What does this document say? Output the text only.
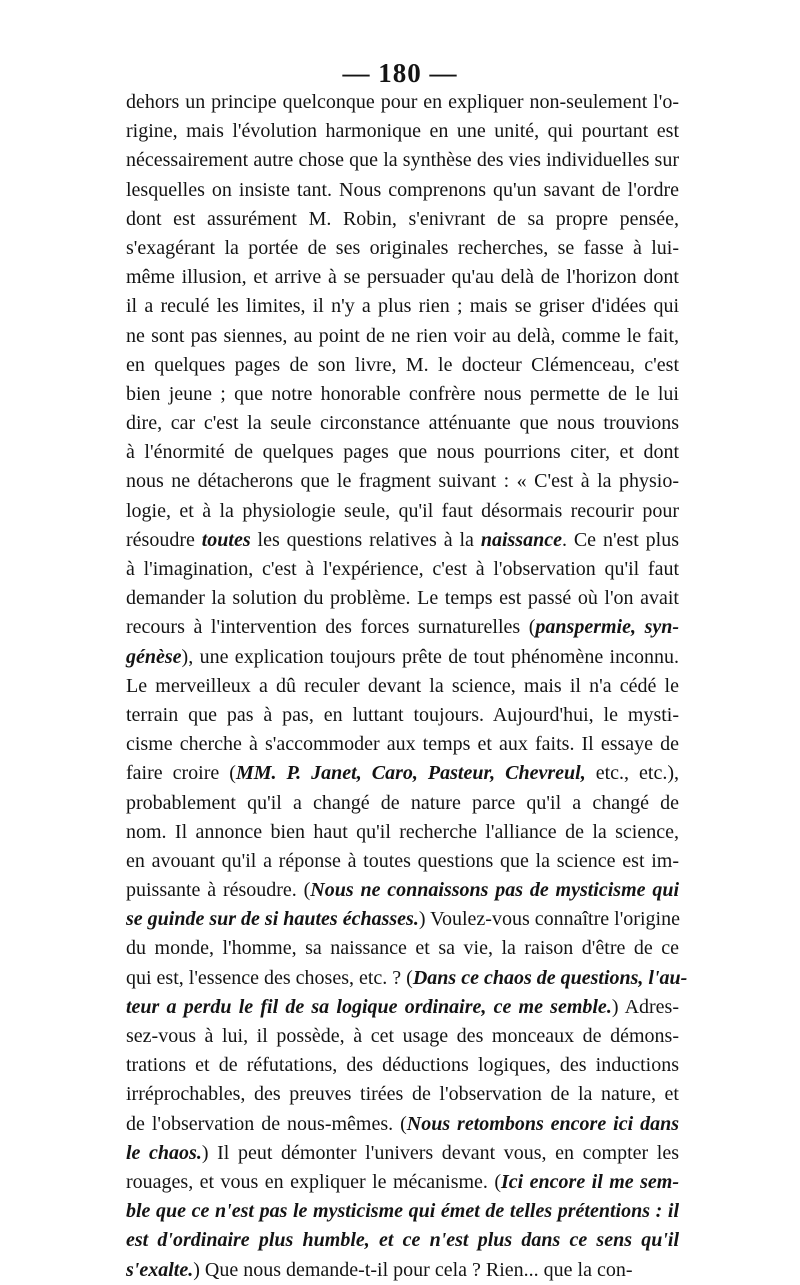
— 180 —
dehors un principe quelconque pour en expliquer non-seulement l'o-
rigine, mais l'évolution harmonique en une unité, qui pourtant est
nécessairement autre chose que la synthèse des vies individuelles sur
lesquelles on insiste tant. Nous comprenons qu'un savant de l'ordre
dont est assurément M. Robin, s'enivrant de sa propre pensée,
s'exagérant la portée de ses originales recherches, se fasse à lui-
même illusion, et arrive à se persuader qu'au delà de l'horizon dont
il a reculé les limites, il n'y a plus rien ; mais se griser d'idées qui
ne sont pas siennes, au point de ne rien voir au delà, comme le fait,
en quelques pages de son livre, M. le docteur Clémenceau, c'est
bien jeune ; que notre honorable confrère nous permette de le lui
dire, car c'est la seule circonstance atténuante que nous trouvions
à l'énormité de quelques pages que nous pourrions citer, et dont
nous ne détacherons que le fragment suivant : « C'est à la physio-
logie, et à la physiologie seule, qu'il faut désormais recourir pour
résoudre toutes les questions relatives à la naissance. Ce n'est plus
à l'imagination, c'est à l'expérience, c'est à l'observation qu'il faut
demander la solution du problème. Le temps est passé où l'on avait
recours à l'intervention des forces surnaturelles (panspermie, syn-
génèse), une explication toujours prête de tout phénomène inconnu.
Le merveilleux a dû reculer devant la science, mais il n'a cédé le
terrain que pas à pas, en luttant toujours. Aujourd'hui, le mysti-
cisme cherche à s'accommoder aux temps et aux faits. Il essaye de
faire croire (MM. P. Janet, Caro, Pasteur, Chevreul, etc., etc.),
probablement qu'il a changé de nature parce qu'il a changé de
nom. Il annonce bien haut qu'il recherche l'alliance de la science,
en avouant qu'il a réponse à toutes questions que la science est im-
puissante à résoudre. (Nous ne connaissons pas de mysticisme qui
se guinde sur de si hautes échasses.) Voulez-vous connaître l'origine
du monde, l'homme, sa naissance et sa vie, la raison d'être de ce
qui est, l'essence des choses, etc. ? (Dans ce chaos de questions, l'au-
teur a perdu le fil de sa logique ordinaire, ce me semble.) Adres-
sez-vous à lui, il possède, à cet usage des monceaux de démons-
trations et de réfutations, des déductions logiques, des inductions
irréprochables, des preuves tirées de l'observation de la nature, et
de l'observation de nous-mêmes. (Nous retombons encore ici dans
le chaos.) Il peut démonter l'univers devant vous, en compter les
rouages, et vous en expliquer le mécanisme. (Ici encore il me sem-
ble que ce n'est pas le mysticisme qui émet de telles prétentions : il
est d'ordinaire plus humble, et ce n'est plus dans ce sens qu'il
s'exalte.) Que nous demande-t-il pour cela ? Rien... que la con-
